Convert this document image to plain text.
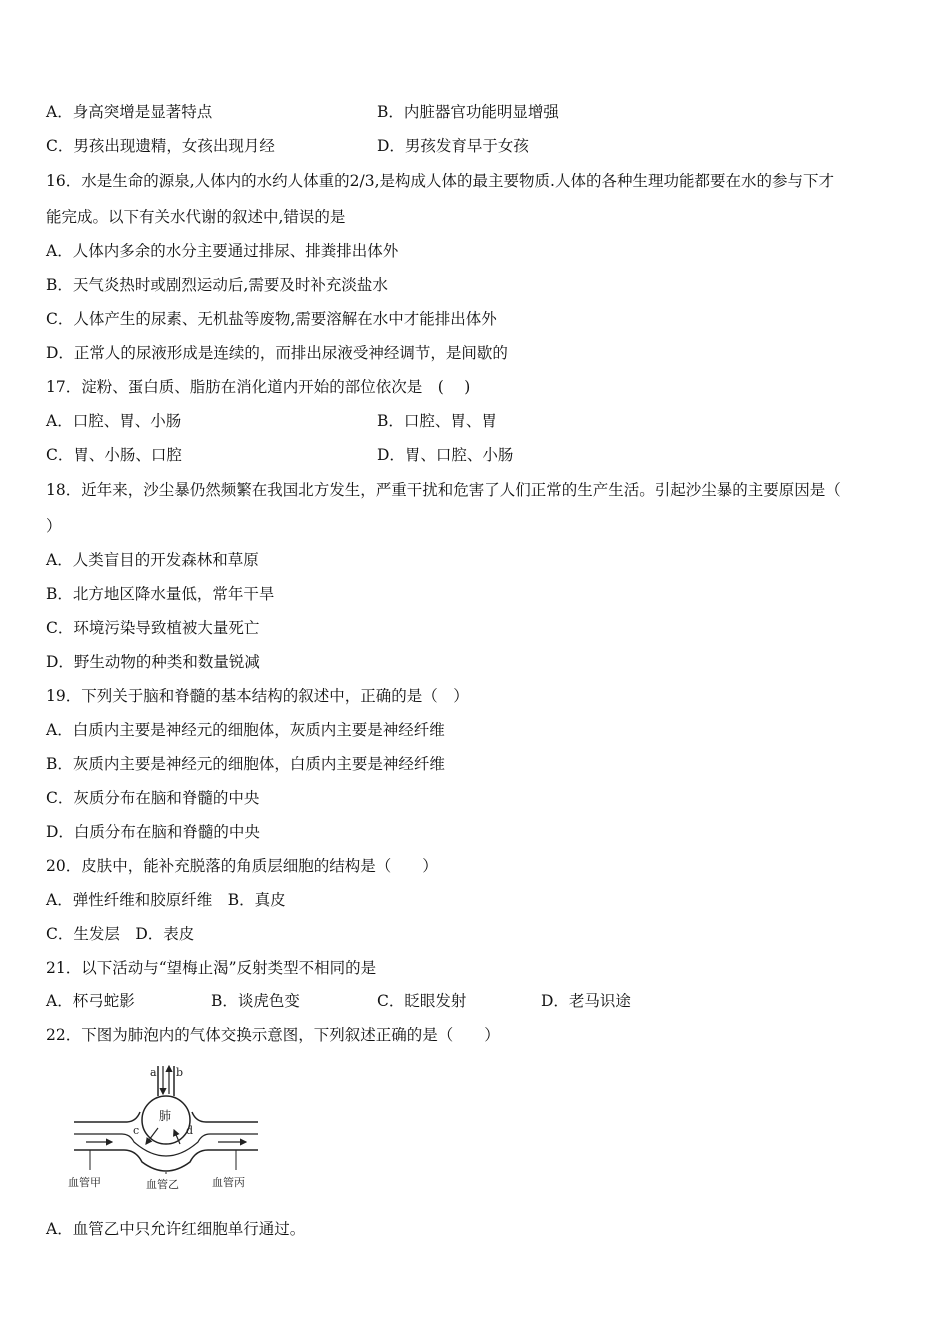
A．身高突增是显著特点	B．内脏器官功能明显增强
C．男孩出现遗精，女孩出现月经	D．男孩发育早于女孩
16．水是生命的源泉,人体内的水约人体重的2/3,是构成人体的最主要物质.人体的各种生理功能都要在水的参与下才
能完成。以下有关水代谢的叙述中,错误的是
A．人体内多余的水分主要通过排尿、排粪排出体外
B．天气炎热时或剧烈运动后,需要及时补充淡盐水
C．人体产生的尿素、无机盐等废物,需要溶解在水中才能排出体外
D．正常人的尿液形成是连续的，而排出尿液受神经调节，是间歇的
17．淀粉、蛋白质、脂肪在消化道内开始的部位依次是　(　 )
A．口腔、胃、小肠	B．口腔、胃、胃
C．胃、小肠、口腔	D．胃、口腔、小肠
18．近年来，沙尘暴仍然频繁在我国北方发生，严重干扰和危害了人们正常的生产生活。引起沙尘暴的主要原因是（
）
A．人类盲目的开发森林和草原
B．北方地区降水量低，常年干旱
C．环境污染导致植被大量死亡
D．野生动物的种类和数量锐减
19．下列关于脑和脊髓的基本结构的叙述中，正确的是（　）
A．白质内主要是神经元的细胞体，灰质内主要是神经纤维
B．灰质内主要是神经元的细胞体，白质内主要是神经纤维
C．灰质分布在脑和脊髓的中央
D．白质分布在脑和脊髓的中央
20．皮肤中，能补充脱落的角质层细胞的结构是（　　）
A．弹性纤维和胶原纤维　B．真皮
C．生发层　D．表皮
21．以下活动与“望梅止渴”反射类型不相同的是
A．杯弓蛇影	B．谈虎色变	C．眨眼发射	D．老马识途
22．下图为肺泡内的气体交换示意图，下列叙述正确的是（　　）
a b
c	d
肺
血管甲	血管乙	血管丙
A．血管乙中只允许红细胞单行通过。
